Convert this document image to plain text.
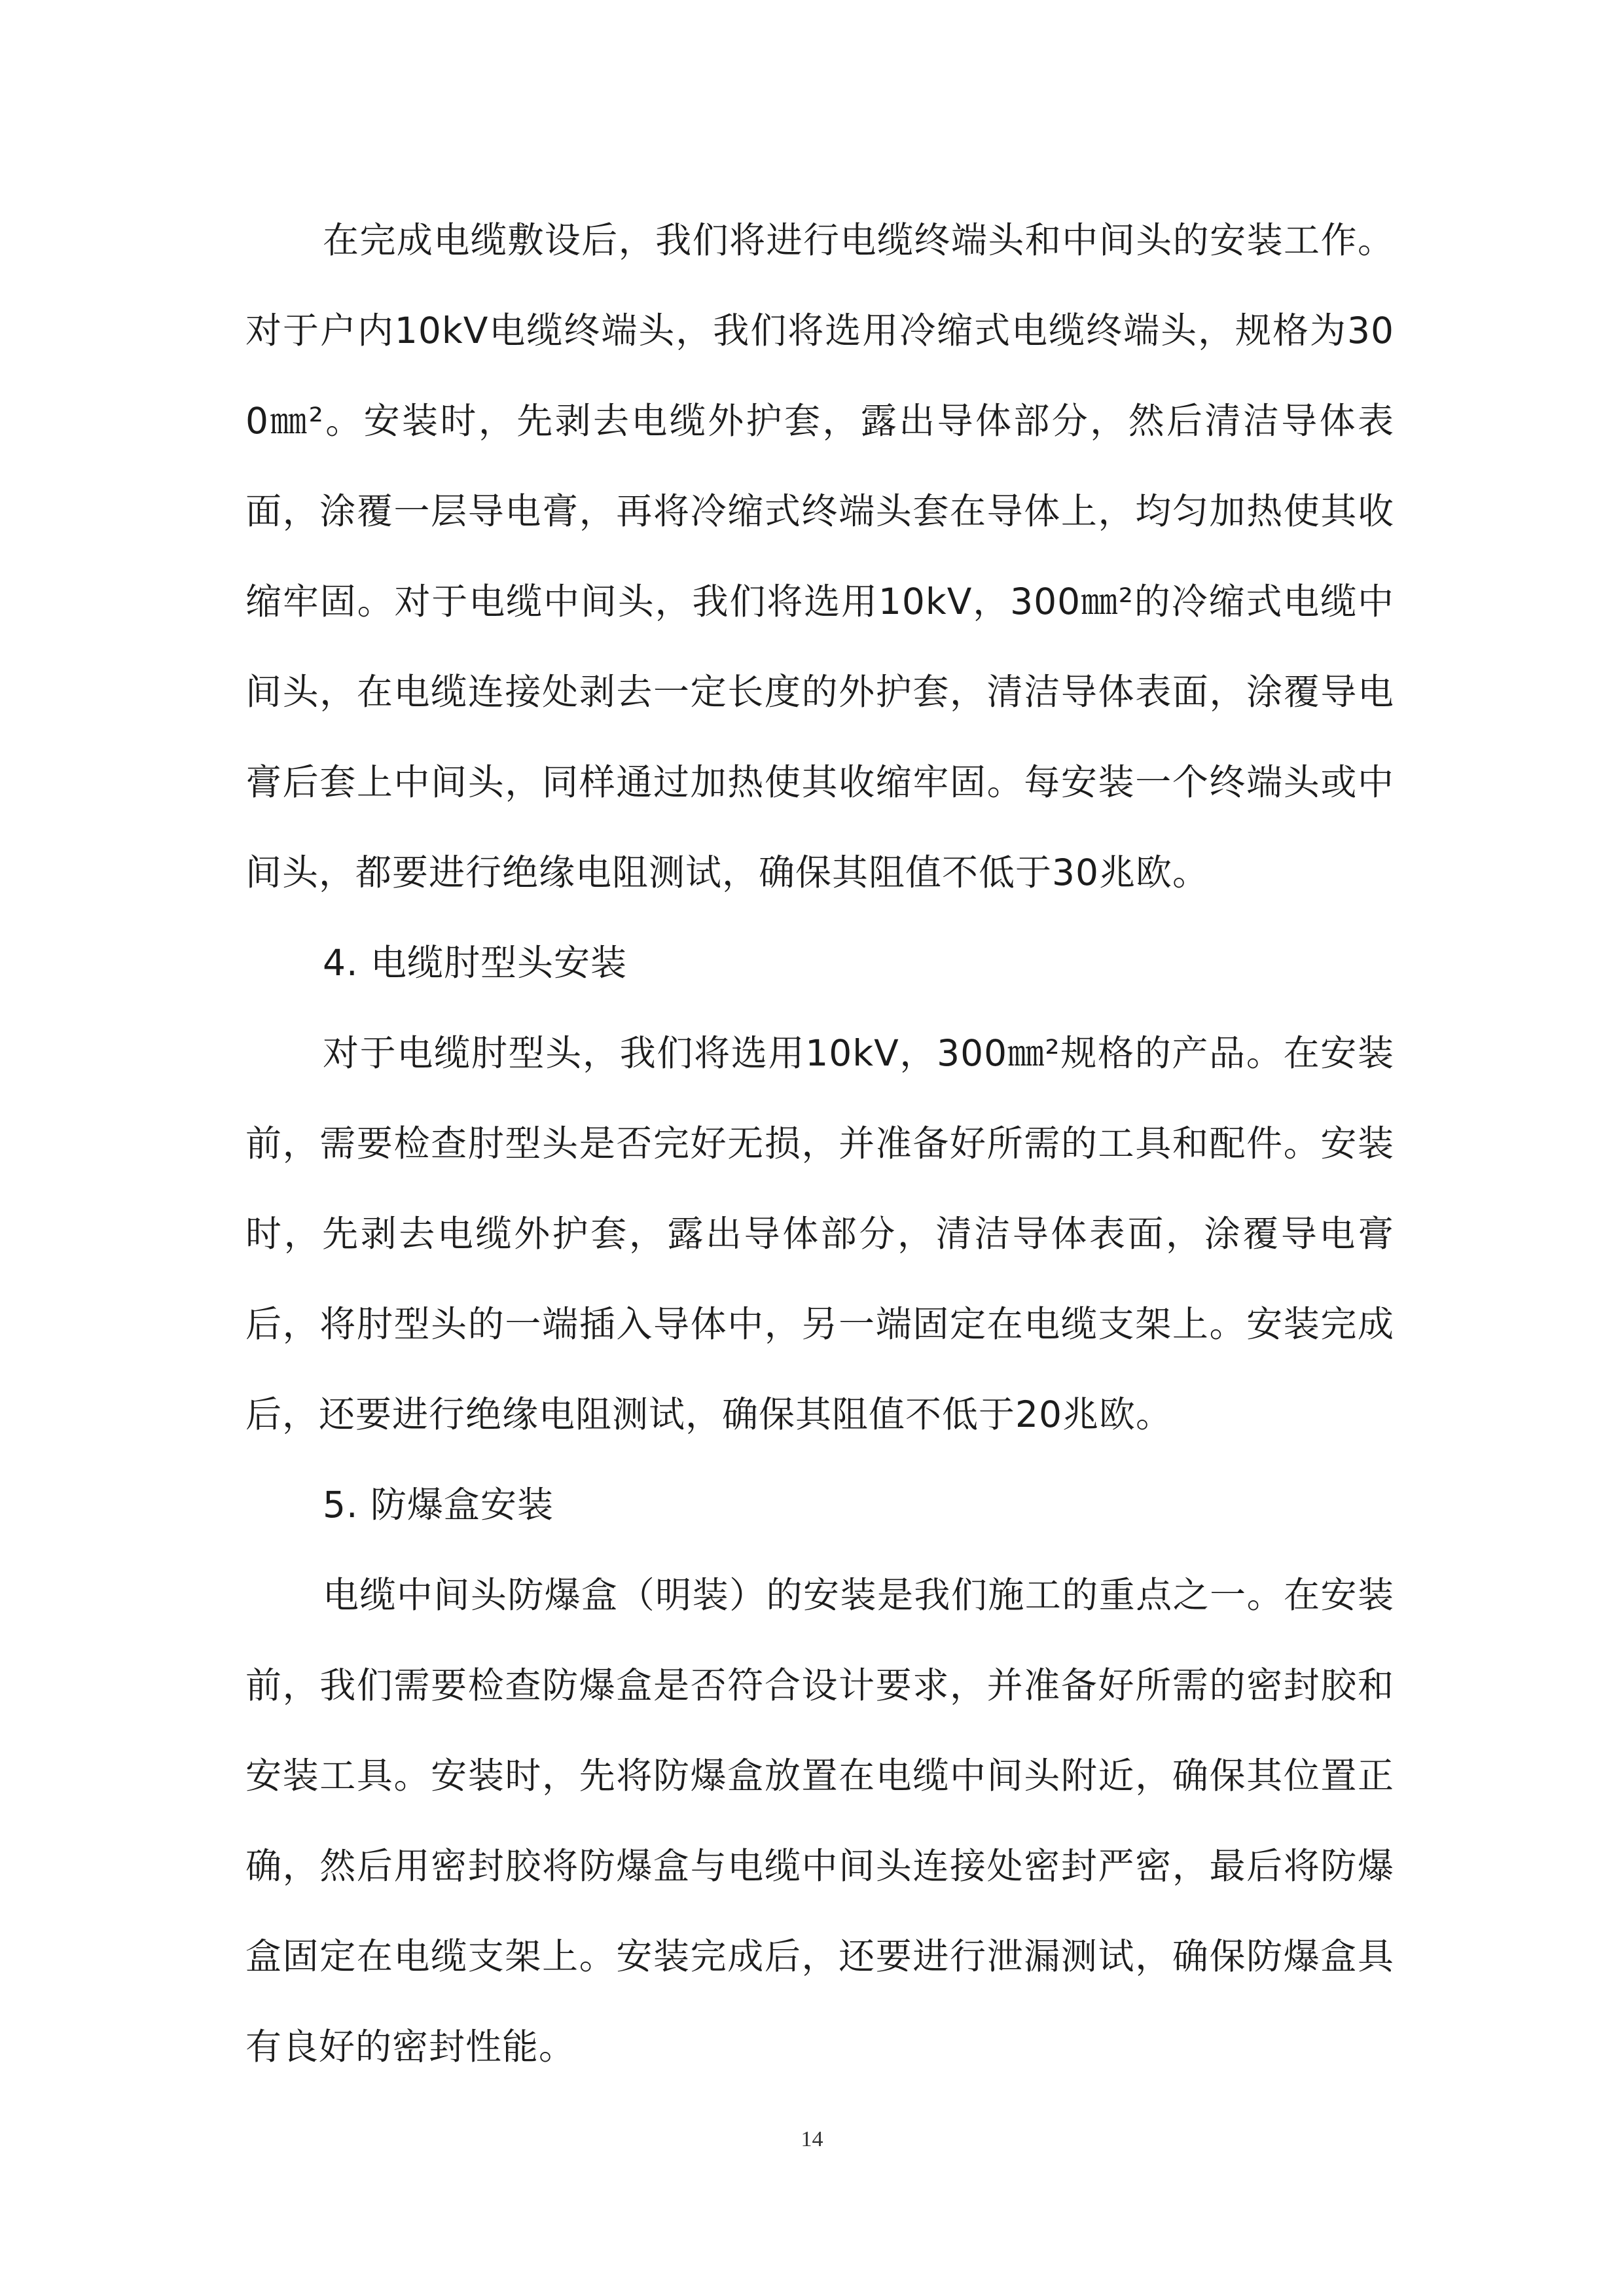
在完成电缆敷设后，我们将进行电缆终端头和中间头的安装工作。对于户内10kV电缆终端头，我们将选用冷缩式电缆终端头，规格为300㎜²。安装时，先剥去电缆外护套，露出导体部分，然后清洁导体表面，涂覆一层导电膏，再将冷缩式终端头套在导体上，均匀加热使其收缩牢固。对于电缆中间头，我们将选用10kV，300㎜²的冷缩式电缆中间头，在电缆连接处剥去一定长度的外护套，清洁导体表面，涂覆导电膏后套上中间头，同样通过加热使其收缩牢固。每安装一个终端头或中间头，都要进行绝缘电阻测试，确保其阻值不低于30兆欧。

4. 电缆肘型头安装

对于电缆肘型头，我们将选用10kV，300㎜²规格的产品。在安装前，需要检查肘型头是否完好无损，并准备好所需的工具和配件。安装时，先剥去电缆外护套，露出导体部分，清洁导体表面，涂覆导电膏后，将肘型头的一端插入导体中，另一端固定在电缆支架上。安装完成后，还要进行绝缘电阻测试，确保其阻值不低于20兆欧。

5. 防爆盒安装

电缆中间头防爆盒（明装）的安装是我们施工的重点之一。在安装前，我们需要检查防爆盒是否符合设计要求，并准备好所需的密封胶和安装工具。安装时，先将防爆盒放置在电缆中间头附近，确保其位置正确，然后用密封胶将防爆盒与电缆中间头连接处密封严密，最后将防爆盒固定在电缆支架上。安装完成后，还要进行泄漏测试，确保防爆盒具有良好的密封性能。

14
